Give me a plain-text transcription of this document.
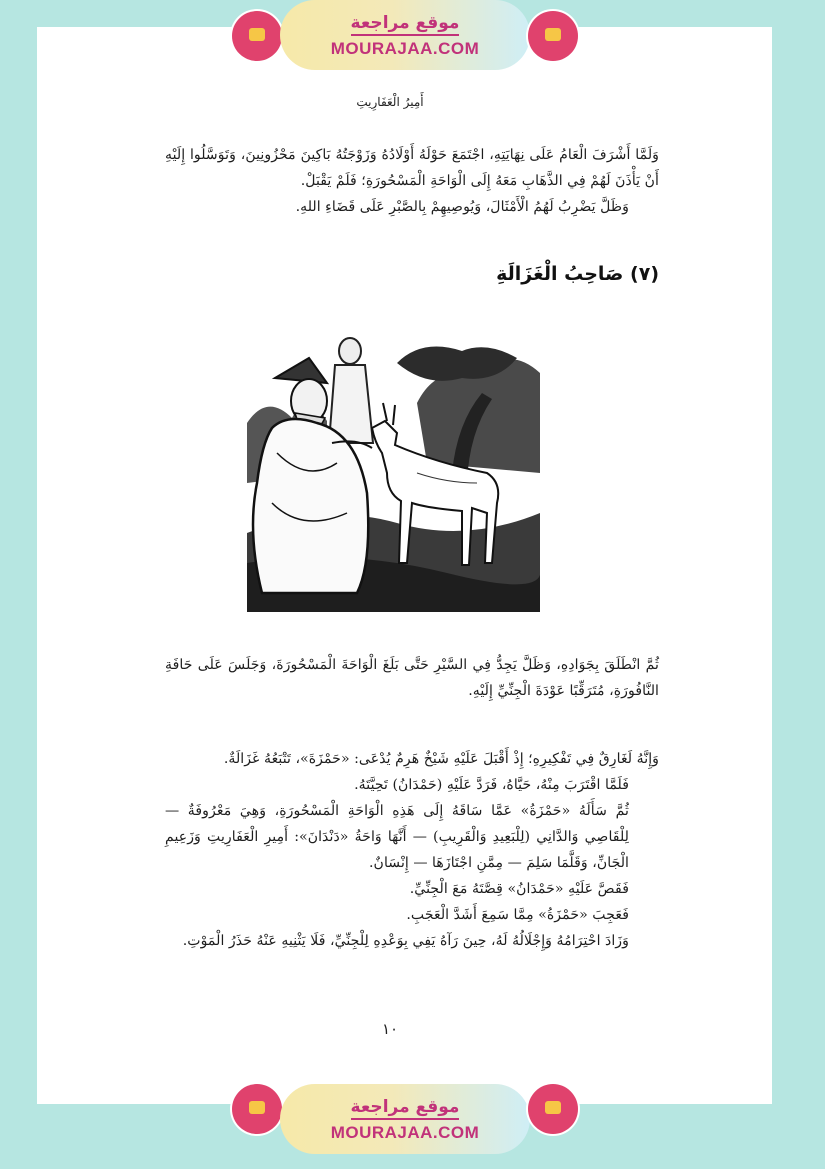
موقع مراجعة
MOURAJAA.COM
أَمِيرُ الْعَفَارِيتِ

وَلَمَّا أَشْرَفَ الْعَامُ عَلَى نِهَايَتِهِ، اجْتَمَعَ حَوْلَهُ أَوْلَادُهُ وَزَوْجَتُهُ بَاكِينَ مَحْزُونِينَ، وَتَوَسَّلُوا إِلَيْهِ أَنْ يَأْذَنَ لَهُمْ فِي الذَّهَابِ مَعَهُ إِلَى الْوَاحَةِ الْمَسْحُورَةِ؛ فَلَمْ يَقْبَلْ.

وَظَلَّ يَضْرِبُ لَهُمُ الْأَمْثَالَ، وَيُوصِيهِمْ بِالصَّبْرِ عَلَى قَضَاءِ اللهِ.

(٧) صَاحِبُ الْغَزَالَةِ

ثُمَّ انْطَلَقَ بِجَوَادِهِ، وَظَلَّ يَجِدُّ فِي السَّيْرِ حَتَّى بَلَغَ الْوَاحَةَ الْمَسْحُورَةَ، وَجَلَسَ عَلَى حَافَةِ النَّافُورَةِ، مُتَرَقِّبًا عَوْدَةَ الْجِنِّيِّ إِلَيْهِ.

وَإِنَّهُ لَغَارِقٌ فِي تَفْكِيرِهِ؛ إِذْ أَقْبَلَ عَلَيْهِ شَيْخٌ هَرِمٌ يُدْعَى: «حَمْزَةَ»، تَتْبَعُهُ غَزَالَةٌ.

فَلَمَّا اقْتَرَبَ مِنْهُ، حَيَّاهُ، فَرَدَّ عَلَيْهِ (حَمْدَانُ) تَحِيَّتَهُ.

ثُمَّ سَأَلَهُ «حَمْزَةُ» عَمَّا سَاقَهُ إِلَى هَذِهِ الْوَاحَةِ الْمَسْحُورَةِ، وَهِيَ مَعْرُوفَةٌ — لِلْقَاصِي وَالدَّانِي (لِلْبَعِيدِ وَالْقَرِيبِ) — أَنَّهَا وَاحَةُ «دَنْدَانَ»: أَمِيرِ الْعَفَارِيتِ وَزَعِيمِ الْجَانِّ، وَقَلَّمَا سَلِمَ — مِمَّنِ اجْتَازَهَا — إِنْسَانٌ.

فَقَصَّ عَلَيْهِ «حَمْدَانُ» قِصَّتَهُ مَعَ الْجِنِّيِّ.

فَعَجِبَ «حَمْزَةُ» مِمَّا سَمِعَ أَشَدَّ الْعَجَبِ.

وَزَادَ احْتِرَامُهُ وَإِجْلَالُهُ لَهُ، حِينَ رَآهُ يَفِي بِوَعْدِهِ لِلْجِنِّيِّ، فَلَا يَثْنِيهِ عَنْهُ حَذَرُ الْمَوْتِ.

١٠
موقع مراجعة
MOURAJAA.COM
